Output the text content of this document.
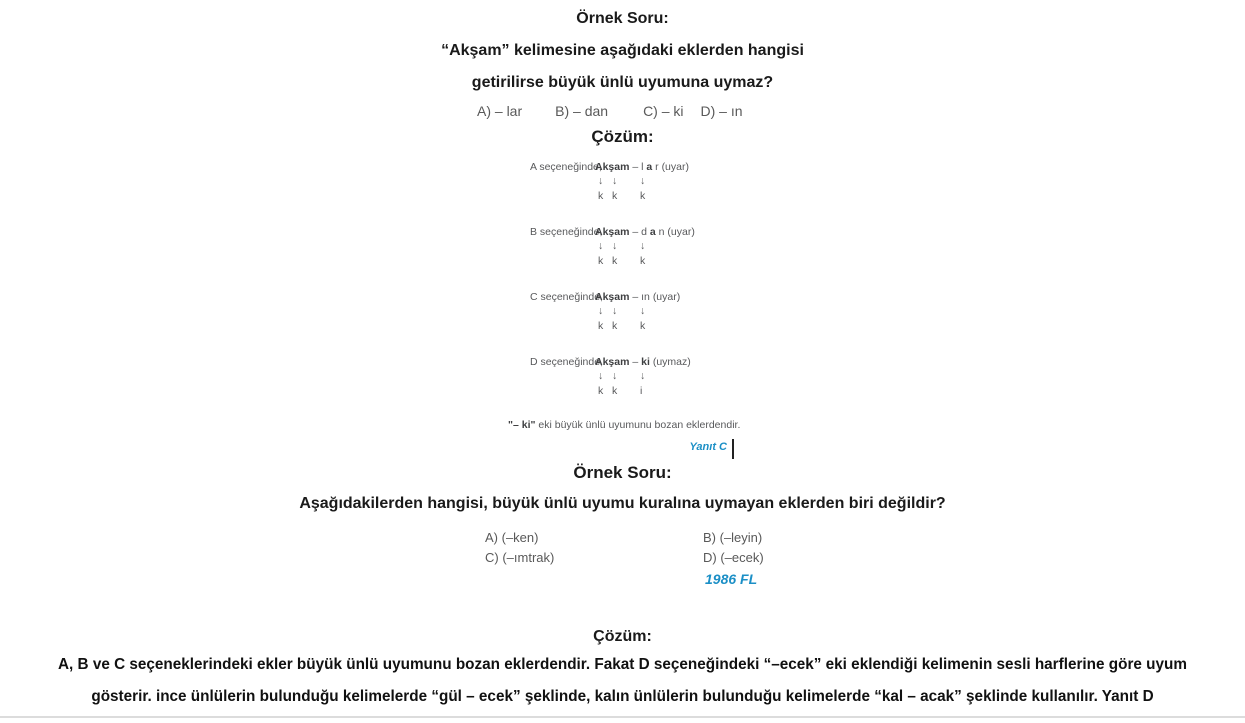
Örnek Soru:
“Akşam” kelimesine aşağıdaki eklerden hangisi
getirilirse büyük ünlü uyumuna uymaz?
A) – lar B) – dan	C) – ki D) – ın
Çözüm:
A seçeneğinde,Akşam – l a r (uyar)
↓ ↓ ↓
k k k
B seçeneğinde,Akşam – d a n (uyar)
↓ ↓ ↓
k k k
C seçeneğinde,Akşam – ın (uyar)
↓ ↓ ↓
k k k
D seçeneğinde,Akşam – ki (uymaz)
↓ ↓ ↓
k k i
"– ki" eki büyük ünlü uyumunu bozan eklerdendir.
Yanıt C
Örnek Soru:
Aşağıdakilerden hangisi, büyük ünlü uyumu kuralına uymayan eklerden biri değildir?
A) (–ken)	B) (–leyin)
C) (–ımtrak)	D) (–ecek)
1986 FL
Çözüm:
A, B ve C seçeneklerindeki ekler büyük ünlü uyumunu bozan eklerdendir. Fakat D seçeneğindeki “–ecek” eki eklendiği kelimenin sesli harflerine göre uyum
gösterir. ince ünlülerin bulunduğu kelimelerde “gül – ecek” şeklinde, kalın ünlülerin bulunduğu kelimelerde “kal – acak” şeklinde kullanılır. Yanıt D
